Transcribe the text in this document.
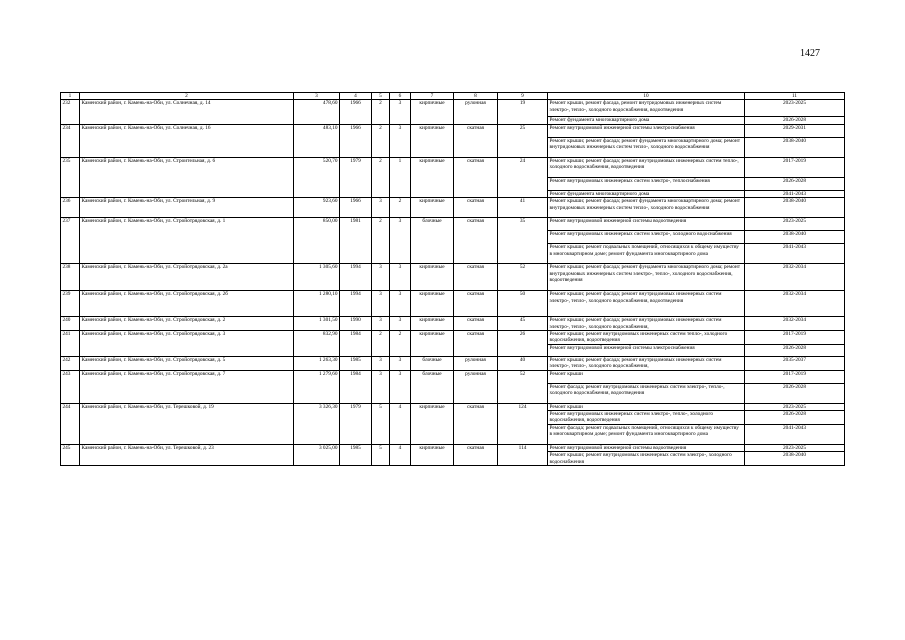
1427
1	2	3	4	5	6	7	8	9	10	11
232	Каменский район, г. Камень-на-Оби, ул. Солнечная, д. 14	478,60	1966	2	3	кирпичные	рулонная	19	Ремонт крыши, ремонт фасада, ремонт внутридомовых инженерных систем электро-, тепло-, холодного водоснабжения, водоотведения	2023-2025
									Ремонт фундамента многоквартирного дома	2026-2028
234	Каменский район, г. Камень-на-Оби, ул. Солнечная, д. 16	483,10	1966	2	3	кирпичные	скатная	25	Ремонт внутридомовой инженерной системы электроснабжения	2029-2031
									Ремонт крыши; ремонт фасада; ремонт фундамента многоквартирного дома; ремонт внутридомовых инженерных систем тепло-, холодного водоснабжения	2038-2040
235	Каменский район, г. Камень-на-Оби, ул. Строительная, д. 6	520,70	1979	2	1	кирпичные	скатная	24	Ремонт крыши; ремонт фасада; ремонт внутридомовых инженерных систем тепло-, холодного водоснабжения, водоотведения	2017-2019
									Ремонт внутридомовых инженерных систем электро-, теплоснабжения	2026-2028
									Ремонт фундамента многоквартирного дома	2041-2043
236	Каменский район, г. Камень-на-Оби, ул. Строительная, д. 9	923,60	1966	3	2	кирпичные	скатная	41	Ремонт крыши; ремонт фасада; ремонт фундамента многоквартирного дома; ремонт внутридомовых инженерных систем тепло-, холодного водоснабжения	2038-2040
237	Каменский район, г. Камень-на-Оби, ул. Стройотрядовская, д. 1	850,00	1981	2	3	блочные	скатная	35	Ремонт внутридомовой инженерной системы водоотведения	2023-2025
									Ремонт внутридомовых инженерных систем электро-, холодного водоснабжения	2038-2040
									Ремонт крыши; ремонт подвальных помещений, относящихся к общему имуществу в многоквартирном доме; ремонт фундамента многоквартирного дома	2041-2043
238	Каменский район, г. Камень-на-Оби, ул. Стройотрядовская, д. 2а	1 305,60	1994	3	3	кирпичные	скатная	52	Ремонт крыши; ремонт фасада; ремонт фундамента многоквартирного дома; ремонт внутридомовых инженерных систем электро-, тепло-, холодного водоснабжения, водоотведения	2032-2034
239	Каменский район, г. Камень-на-Оби, ул. Стройотрядовская, д. 2б	1 280,10	1994	3	3	кирпичные	скатная	50	Ремонт крыши; ремонт фасада; ремонт внутридомовых инженерных систем электро-, тепло-, холодного водоснабжения, водоотведения	2032-2034
240	Каменский район, г. Камень-на-Оби, ул. Стройотрядовская, д. 2	1 301,50	1990	3	3	кирпичные	скатная	45	Ремонт крыши; ремонт фасада; ремонт внутридомовых инженерных систем электро-, тепло-, холодного водоснабжения,	2032-2034
241	Каменский район, г. Камень-на-Оби, ул. Стройотрядовская, д. 3	832,90	1984	2	2	кирпичные	скатная	26	Ремонт крыши; ремонт внутридомовых инженерных систем тепло-, холодного водоснабжения, водоотведения	2017-2019
									Ремонт внутридомовой инженерной системы электроснабжения	2026-2028
242	Каменский район, г. Камень-на-Оби, ул. Стройотрядовская, д. 5	1 263,30	1985	3	3	блочные	рулонная	40	Ремонт крыши; ремонт фасада; ремонт внутридомовых инженерных систем электро-, тепло-, холодного водоснабжения,	2035-2037
243	Каменский район, г. Камень-на-Оби, ул. Стройотрядовская, д. 7	1 279,60	1984	3	3	блочные	рулонная	52	Ремонт крыши	2017-2019
									Ремонт фасада; ремонт внутридомовых инженерных систем электро-, тепло-, холодного водоснабжения, водоотведения	2026-2028
244	Каменский район, г. Камень-на-Оби, ул. Терешковой, д. 19	3 326,30	1979	5	4	кирпичные	скатная	124	Ремонт крыши	2023-2025
									Ремонт внутридомовых инженерных систем электро-, тепло-, холодного водоснабжения, водоотведения	2026-2028
									Ремонт фасада; ремонт подвальных помещений, относящихся к общему имуществу в многоквартирном доме; ремонт фундамента многоквартирного дома	2041-2043
245	Каменский район, г. Камень-на-Оби, ул. Терешковой, д. 23	3 025,00	1985	5	4	кирпичные	скатная	114	Ремонт внутридомовой инженерной системы водоотведения	2023-2025
									Ремонт крыши; ремонт внутридомовых инженерных систем электро-, холодного водоснабжения	2038-2040
